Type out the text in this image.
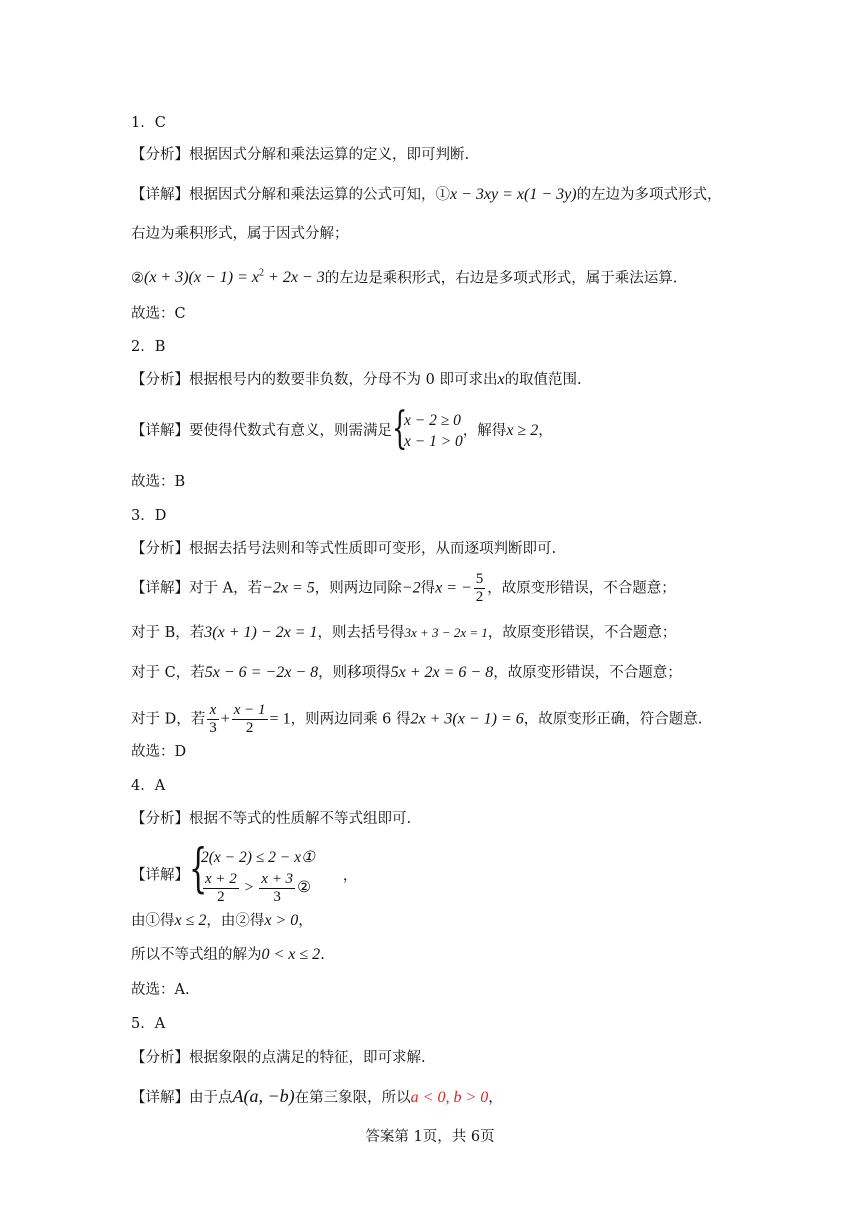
1．C
【分析】根据因式分解和乘法运算的定义，即可判断.
【详解】根据因式分解和乘法运算的公式可知，①x − 3xy = x(1 − 3y)的左边为多项式形式，
右边为乘积形式，属于因式分解；
②(x + $3)(x - 1) = x^2 + 2x - 3$的左边是乘积形式，右边是多项式形式，属于乘法运算.
故选：C
2．B
【分析】根据根号内的数要非负数，分母不为 0 即可求出x的取值范围.
【详解】要使得代数式有意义，则需满足 {
x − 2 ≥ 0
x − 1 > 0
，解得x ≥ 2，
故选：B
3．D
【分析】根据去括号法则和等式性质即可变形，从而逐项判断即可.
【详解】对于 A，若−2x = 5，则两边同除−2得x = − $\frac{5}{2}$ ，故原变形错误，不合题意；
对于 B，若3(x + 1) − 2x = 1，则去括号得3x + 3 − 2x = 1，故原变形错误，不合题意；
对于 C，若5x − 6 = −2x − 8，则移项得5x + 2x = 6 − 8，故原变形错误，不合题意；
对于 D，若 $\frac{x}{3} + \frac{x - 1}{2} = 1$，则两边同乘 6 得2x + 3(x − 1) = 6，故原变形正确，符合题意.
故选：D
4．A
【分析】根据不等式的性质解不等式组即可.
【详解】 {
2(x − 2) ≤ 2 − x①
$\frac{x + 2}{2} > \frac{x + 3}{3}$ ②
，
由①得x ≤ 2，由②得x > 0，
所以不等式组的解为0 < x ≤ 2.
故选：A.
5．A
【分析】根据象限的点满足的特征，即可求解.
【详解】由于点A(a, −b)在第三象限，所以a < 0, b > 0，
答案第 1页，共 6页
